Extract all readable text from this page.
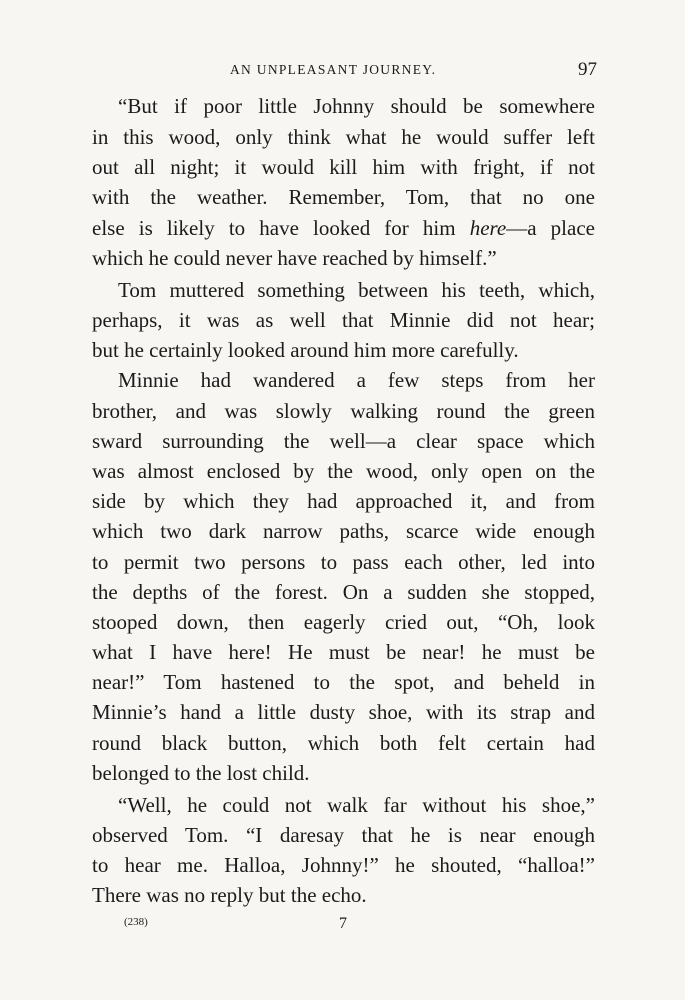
AN UNPLEASANT JOURNEY.	97
“But if poor little Johnny should be somewhere
in this wood, only think what he would suffer left
out all night; it would kill him with fright, if not
with the weather. Remember, Tom, that no one
else is likely to have looked for him here—a place
which he could never have reached by himself.”
Tom muttered something between his teeth, which,
perhaps, it was as well that Minnie did not hear;
but he certainly looked around him more carefully.
Minnie had wandered a few steps from her
brother, and was slowly walking round the green
sward surrounding the well—a clear space which
was almost enclosed by the wood, only open on the
side by which they had approached it, and from
which two dark narrow paths, scarce wide enough
to permit two persons to pass each other, led into
the depths of the forest. On a sudden she stopped,
stooped down, then eagerly cried out, “Oh, look
what I have here! He must be near! he must be
near!” Tom hastened to the spot, and beheld in
Minnie’s hand a little dusty shoe, with its strap and
round black button, which both felt certain had
belonged to the lost child.
“Well, he could not walk far without his shoe,”
observed Tom. “I daresay that he is near enough
to hear me. Halloa, Johnny!” he shouted, “halloa!”
There was no reply but the echo.
(238)	7
